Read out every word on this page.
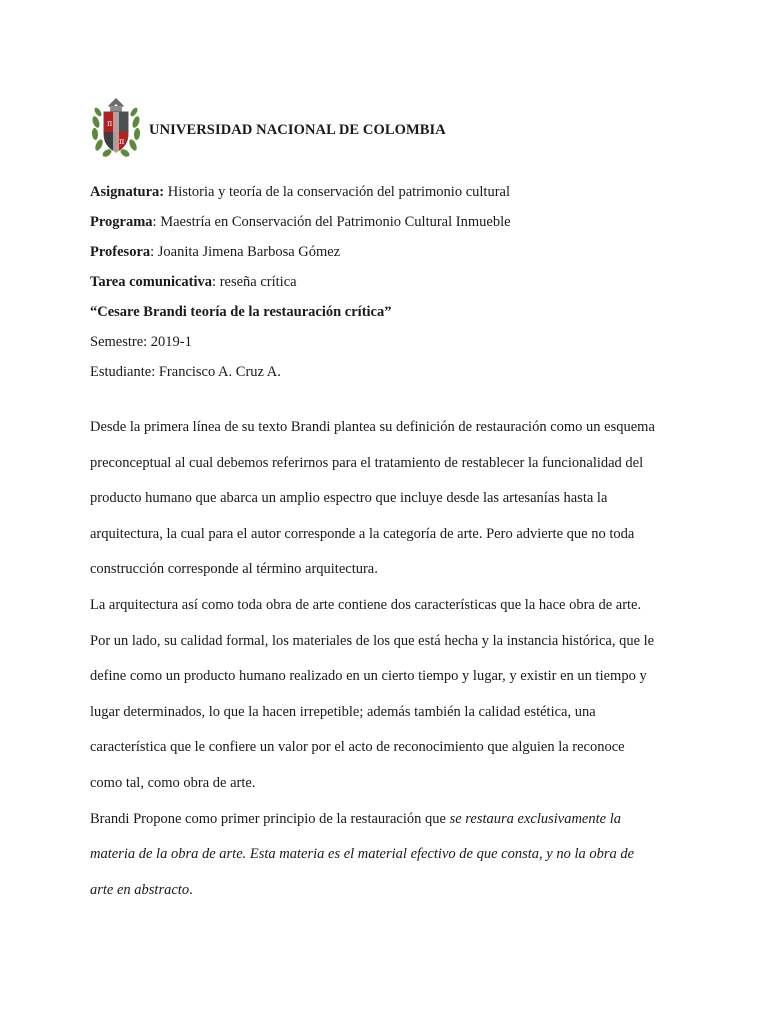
π
π
UNIVERSIDAD NACIONAL DE COLOMBIA
Asignatura: Historia y teoría de la conservación del patrimonio cultural
Programa: Maestría en Conservación del Patrimonio Cultural Inmueble
Profesora: Joanita Jimena Barbosa Gómez
Tarea comunicativa: reseña crítica
“Cesare Brandi teoría de la restauración crítica”
Semestre: 2019-1
Estudiante: Francisco A. Cruz A.
Desde la primera línea de su texto Brandi plantea su definición de restauración como un esquema preconceptual al cual debemos referirnos para el tratamiento de restablecer la funcionalidad del producto humano que abarca un amplio espectro que incluye desde las artesanías hasta la arquitectura, la cual para el autor corresponde a la categoría de arte. Pero advierte que no toda construcción corresponde al término arquitectura.
La arquitectura así como toda obra de arte contiene dos características que la hace obra de arte. Por un lado, su calidad formal, los materiales de los que está hecha y la instancia histórica, que le define como un producto humano realizado en un cierto tiempo y lugar, y existir en un tiempo y lugar determinados, lo que la hacen irrepetible; además también la calidad estética, una característica que le confiere un valor por el acto de reconocimiento que alguien la reconoce como tal, como obra de arte.
Brandi Propone como primer principio de la restauración que se restaura exclusivamente la materia de la obra de arte. Esta materia es el material efectivo de que consta, y no la obra de arte en abstracto.
